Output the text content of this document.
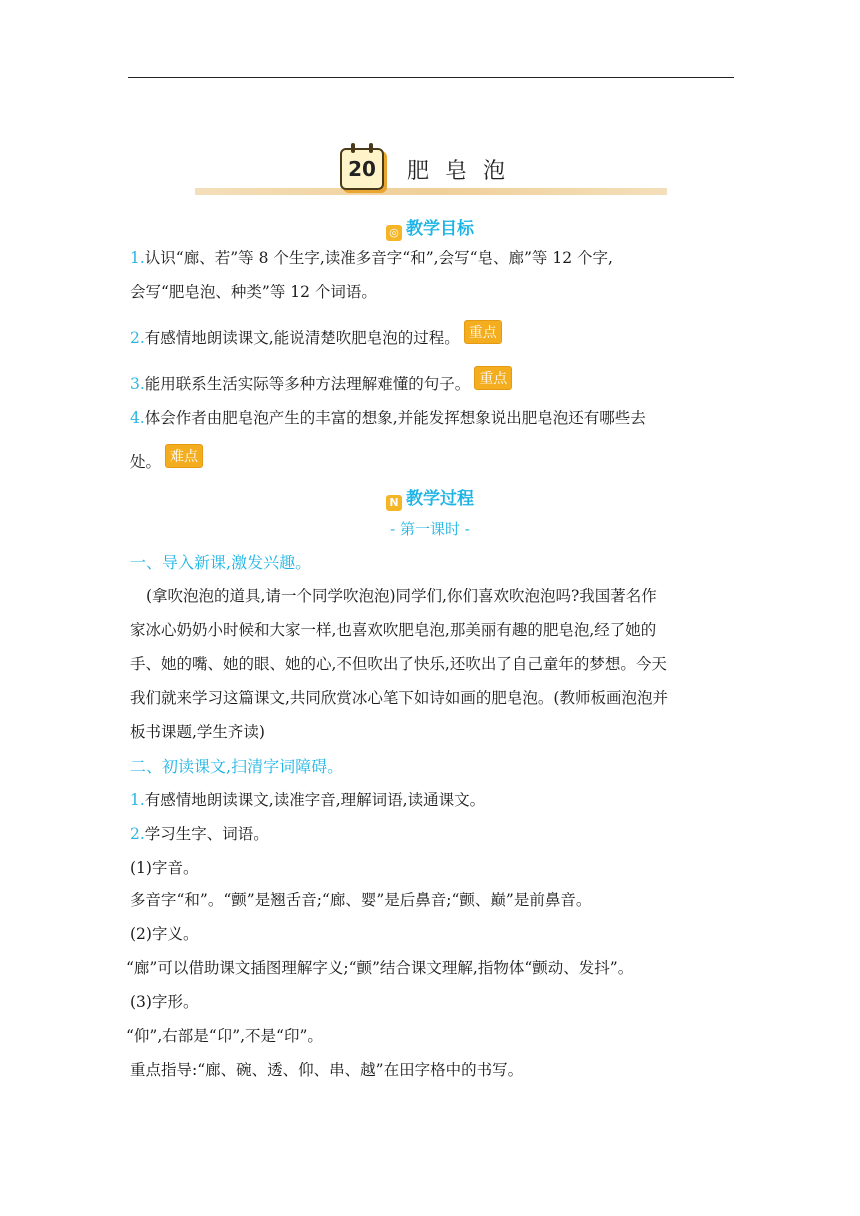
20	肥皂泡
◎ 教学目标
1.认识“廊、若”等 8 个生字,读准多音字“和”,会写“皂、廊”等 12 个字,
会写“肥皂泡、种类”等 12 个词语。
2.有感情地朗读课文,能说清楚吹肥皂泡的过程。 重点
3.能用联系生活实际等多种方法理解难懂的句子。 重点
4.体会作者由肥皂泡产生的丰富的想象,并能发挥想象说出肥皂泡还有哪些去
处。 难点
N 教学过程
- 第一课时 -
一、导入新课,激发兴趣。
(拿吹泡泡的道具,请一个同学吹泡泡)同学们,你们喜欢吹泡泡吗?我国著名作
家冰心奶奶小时候和大家一样,也喜欢吹肥皂泡,那美丽有趣的肥皂泡,经了她的
手、她的嘴、她的眼、她的心,不但吹出了快乐,还吹出了自己童年的梦想。今天
我们就来学习这篇课文,共同欣赏冰心笔下如诗如画的肥皂泡。(教师板画泡泡并
板书课题,学生齐读)
二、初读课文,扫清字词障碍。
1.有感情地朗读课文,读准字音,理解词语,读通课文。
2.学习生字、词语。
(1)字音。
多音字“和”。“颤”是翘舌音;“廊、婴”是后鼻音;“颤、巅”是前鼻音。
(2)字义。
“廊”可以借助课文插图理解字义;“颤”结合课文理解,指物体“颤动、发抖”。
(3)字形。
“仰”,右部是“卬”,不是“印”。
重点指导:“廊、碗、透、仰、串、越”在田字格中的书写。
